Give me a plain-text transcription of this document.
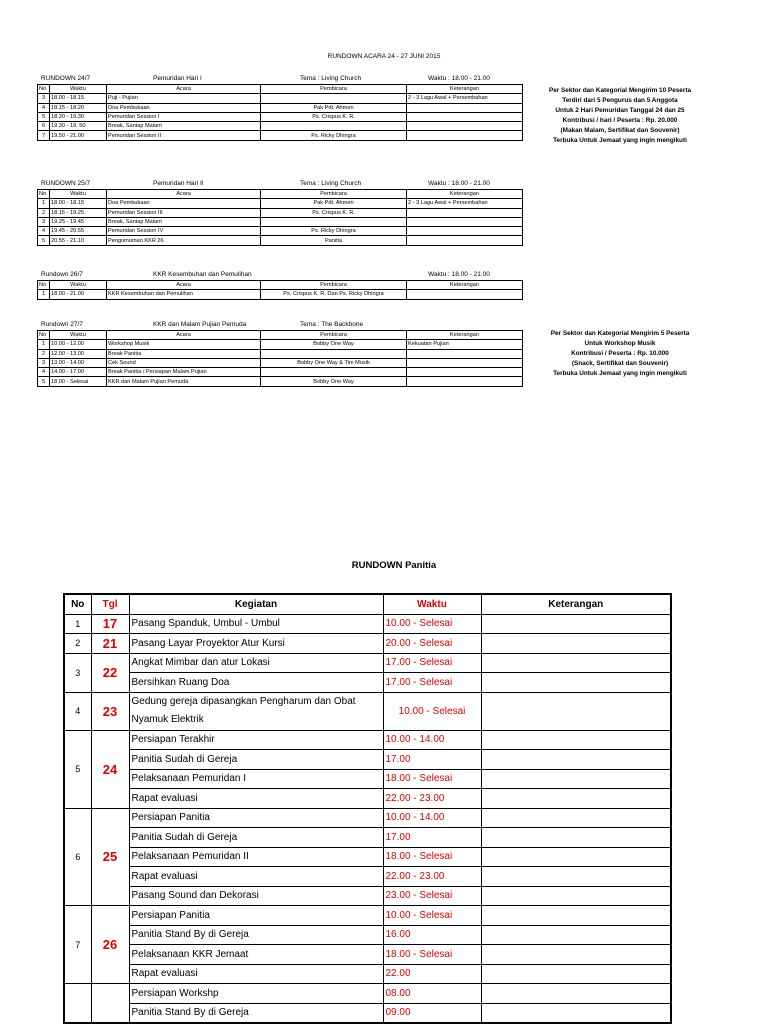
RUNDOWN ACARA 24 - 27 JUNI 2015
RUNDOWN 24/7	Pemuridan Hari I	Tema : Living Church	Waktu : 18.00 - 21.00
No	Waktu	Acara	Pembicara	Keterangan
3	18.00 - 18.15	Puji - Pujian		2 - 3 Lagu Awal + Persembahan
4	18.15 - 18.20	Doa Pembukaan	Pak Pdt. Ahmen	
5	18.20 - 19.30	Pemuridan Session I	Ps. Crispus K. R.	
6	19.30 - 19. 50	Break, Santap Malam		
7	19.50 - 21.00	Pemuridan Session II	Ps. Ricky Dhingra	
RUNDOWN 25/7	Pemuridan Hari II	Tema : Living Church	Waktu : 18.00 - 21.00
No	Waktu	Acara	Pembicara	Keterangan
1	18.00 - 18.15	Doa Pembukaan	Pak Pdt. Ahmen	2 - 3 Lagu Awal + Persembahan
2	18.15 - 19.25	Pemuridan Session III	Ps. Crispus K. R.	
3	19.25 - 19.45	Break, Santap Malam		
4	19.45 - 20.55	Pemuridan Session IV	Ps. Ricky Dhingra	
5	20.55 - 21.10	Pengumuman KKR 26	Panitia	
Rundown 26/7	KKR Kesembuhan dan Pemulihan	Waktu : 18.00 - 21.00
No	Waktu	Acara	Pembicara	Keterangan
1	18.00 - 21.00	KKR Kesembuhan dan Pemulihan	Ps. Crispus K. R. Dan Ps. Ricky Dhingra	
Rundown 27/7	KKR dan Malam Pujian Pemuda	Tema : The Backbone
No	Waktu	Acara	Pembicara	Keterangan
1	10.00 - 12.00	Workshop Musik	Bobby One Way	Kekuatan Pujian
2	12.00 - 13.00	Break Panitia		
3	13.00 - 14.00	Cek Sound	Bobby One Way & Tim Musik	
4	14.00 - 17.00	Break Panitia / Persiapan Malam Pujian		
5	18.00 - Selesai	KKR dan Malam Pujian Pemuda	Bobby One Way	
Per Sektor dan Kategorial Mengirim 10 Peserta
Terdiri dari 5 Pengurus dan 5 Anggota
Untuk 2 Hari Pemuridan Tanggal 24 dan 25
Kontribusi / hari / Peserta : Rp. 20.000
(Makan Malam, Sertifikat dan Souvenir)
Terbuka Untuk Jemaat yang ingin mengikuti
Per Sektor dan Kategorial Mengirim 5 Peserta
Untuk Workshop Musik
Kontribusi / Peserta : Rp. 10.000
(Snack, Sertifikat dan Souvenir)
Terbuka Untuk Jemaat yang ingin mengikuti
RUNDOWN Panitia
No	Tgl	Kegiatan	Waktu	Keterangan
1	17	Pasang Spanduk, Umbul - Umbul	10.00 - Selesai	
2	21	Pasang Layar Proyektor Atur Kursi	20.00 - Selesai	
3	22	Angkat Mimbar dan atur Lokasi	17.00 - Selesai	
		Bersihkan Ruang Doa	17.00 - Selesai	
4	23	Gedung gereja dipasangkan Pengharum dan Obat Nyamuk Elektrik	10.00 - Selesai	
5	24	Persiapan Terakhir	10.00 - 14.00	
		Panitia Sudah di Gereja	17.00	
		Pelaksanaan Pemuridan I	18.00 - Selesai	
		Rapat evaluasi	22.00 - 23.00	
6	25	Persiapan Panitia	10.00 - 14.00	
		Panitia Sudah di Gereja	17.00	
		Pelaksanaan Pemuridan II	18.00 - Selesai	
		Rapat evaluasi	22.00 - 23.00	
		Pasang Sound dan Dekorasi	23.00 - Selesai	
7	26	Persiapan Panitia	10.00 - Selesai	
		Panitia Stand By di Gereja	16.00	
		Pelaksanaan KKR Jemaat	18.00 - Selesai	
		Rapat evaluasi	22.00	
		Persiapan Workshp	08.00	
		Panitia Stand By di Gereja	09.00	
